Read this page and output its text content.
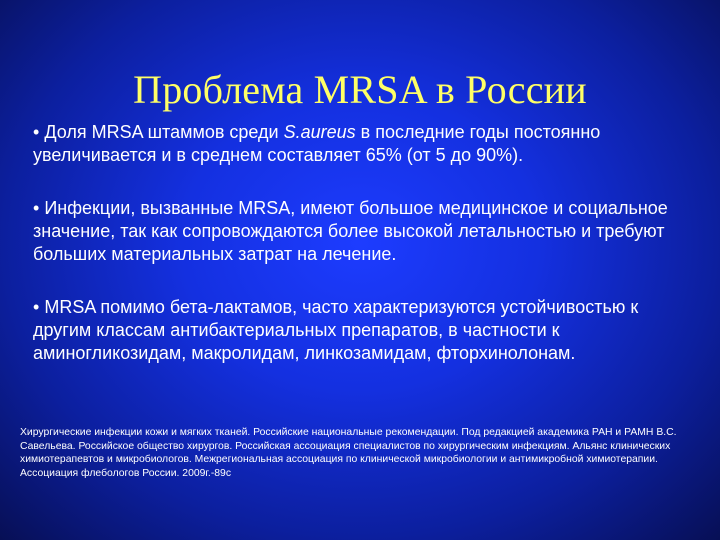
Проблема MRSA в России

• Доля MRSA штаммов среди S.aureus в последние годы постоянно увеличивается и в среднем составляет 65% (от 5 до 90%).

• Инфекции, вызванные MRSA, имеют большое медицинское и социальное значение, так как сопровождаются более высокой летальностью и требуют больших материальных затрат на лечение.

• MRSA помимо бета-лактамов, часто характеризуются устойчивостью к другим классам антибактериальных препаратов, в частности к аминогликозидам, макролидам, линкозамидам, фторхинолонам.

Хирургические инфекции кожи и мягких тканей. Российские национальные рекомендации. Под редакцией академика РАН и РАМН В.С. Савельева. Российское общество хирургов. Российская ассоциация специалистов по хирургическим инфекциям. Альянс клинических химиотерапевтов и микробиологов. Межрегиональная ассоциация по клинической микробиологии и антимикробной химиотерапии. Ассоциация флебологов России. 2009г.-89с
